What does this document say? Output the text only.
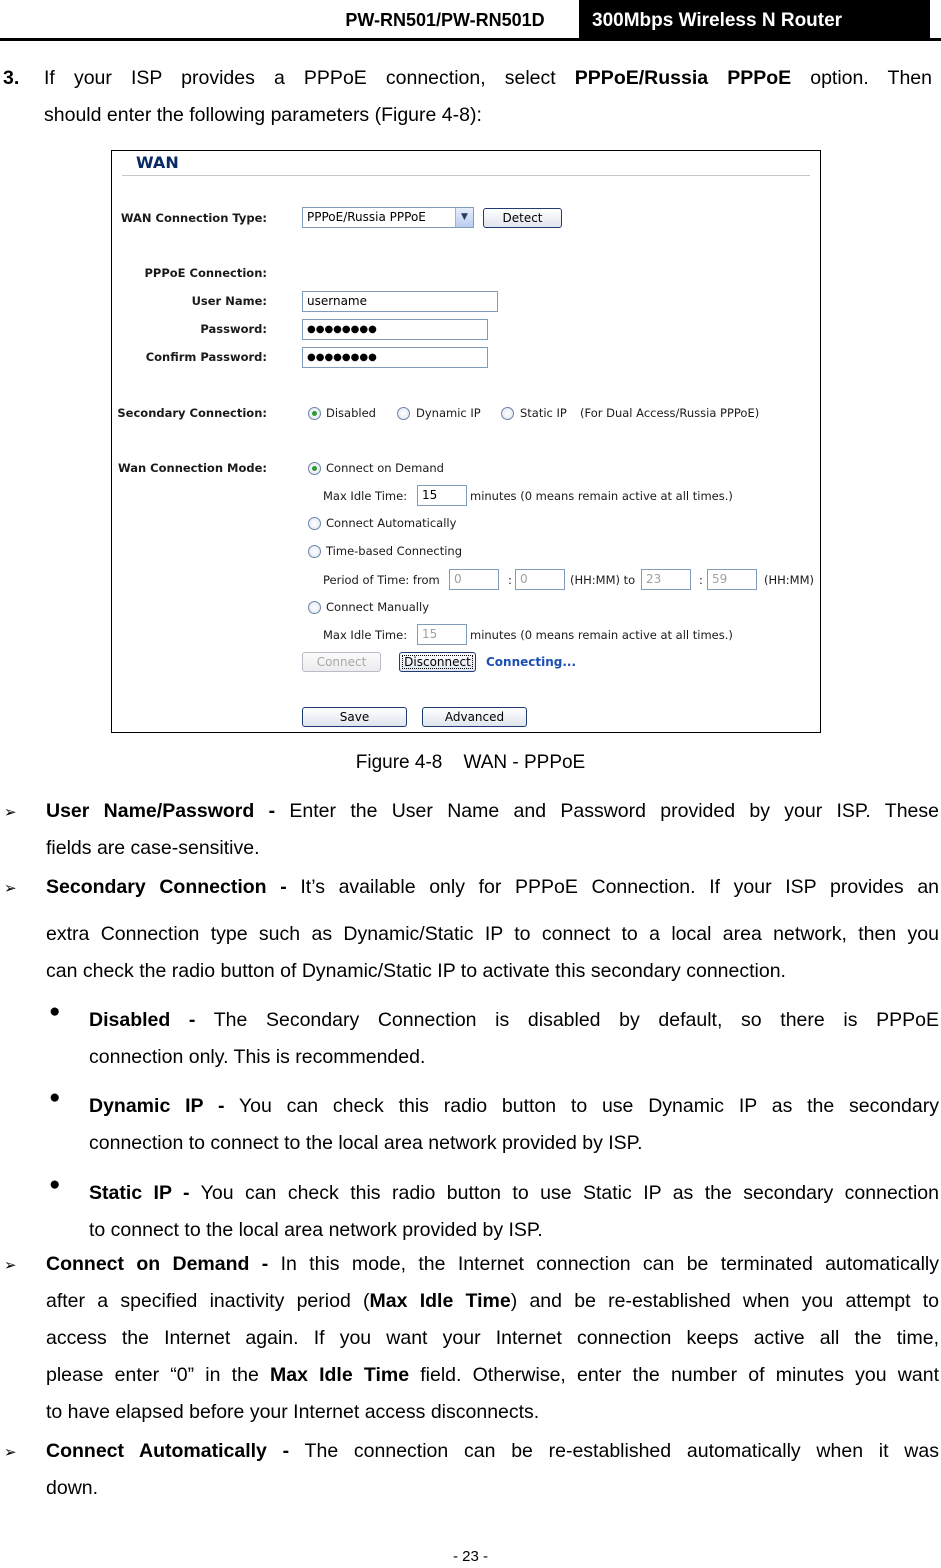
PW-RN501/PW-RN501D	300Mbps Wireless N Router
3. If your ISP provides a PPPoE connection, select PPPoE/Russia PPPoE option. Then
should enter the following parameters (Figure 4-8):
WAN
WAN Connection Type:	PPPoE/Russia PPPoE	▼	Detect
PPPoE Connection:
User Name:	username
Password:	●●●●●●●●
Confirm Password:	●●●●●●●●
Secondary Connection:	Disabled	Dynamic IP	Static IP (For Dual Access/Russia PPPoE)
Wan Connection Mode:	Connect on Demand
Max Idle Time:	15	minutes (0 means remain active at all times.)
Connect Automatically
Time-based Connecting
Period of Time: from	0	: 0	(HH:MM) to 23	: 59	(HH:MM)
Connect Manually
Max Idle Time:	15	minutes (0 means remain active at all times.)
Connect	Disconnect	Connecting...
Save	Advanced
Figure 4-8    WAN - PPPoE
➢ User Name/Password - Enter the User Name and Password provided by your ISP. These
fields are case-sensitive.
➢ Secondary Connection - It’s available only for PPPoE Connection. If your ISP provides an
extra Connection type such as Dynamic/Static IP to connect to a local area network, then you
can check the radio button of Dynamic/Static IP to activate this secondary connection.
● Disabled - The Secondary Connection is disabled by default, so there is PPPoE
connection only. This is recommended.
● Dynamic IP - You can check this radio button to use Dynamic IP as the secondary
connection to connect to the local area network provided by ISP.
● Static IP - You can check this radio button to use Static IP as the secondary connection
to connect to the local area network provided by ISP.
➢ Connect on Demand - In this mode, the Internet connection can be terminated automatically
after a specified inactivity period (Max Idle Time) and be re-established when you attempt to
access the Internet again. If you want your Internet connection keeps active all the time,
please enter “0” in the Max Idle Time field. Otherwise, enter the number of minutes you want
to have elapsed before your Internet access disconnects.
➢ Connect Automatically - The connection can be re-established automatically when it was
down.
- 23 -
